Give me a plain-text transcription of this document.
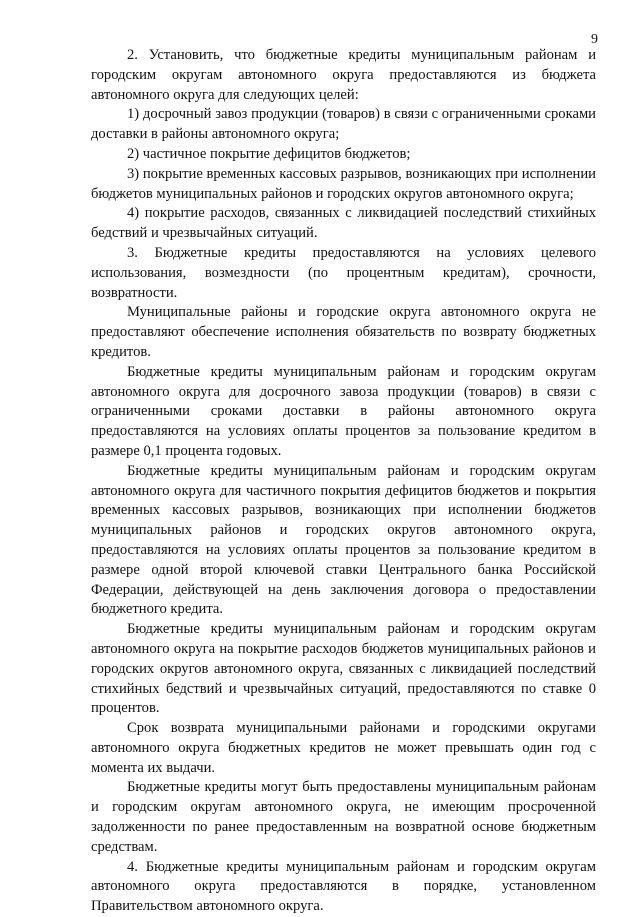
9

2. Установить, что бюджетные кредиты муниципальным районам и городским округам автономного округа предоставляются из бюджета автономного округа для следующих целей:

1) досрочный завоз продукции (товаров) в связи с ограниченными сроками доставки в районы автономного округа;

2) частичное покрытие дефицитов бюджетов;

3) покрытие временных кассовых разрывов, возникающих при исполнении бюджетов муниципальных районов и городских округов автономного округа;

4) покрытие расходов, связанных с ликвидацией последствий стихийных бедствий и чрезвычайных ситуаций.

3. Бюджетные кредиты предоставляются на условиях целевого использования, возмездности (по процентным кредитам), срочности, возвратности.

Муниципальные районы и городские округа автономного округа не предоставляют обеспечение исполнения обязательств по возврату бюджетных кредитов.

Бюджетные кредиты муниципальным районам и городским округам автономного округа для досрочного завоза продукции (товаров) в связи с ограниченными сроками доставки в районы автономного округа предоставляются на условиях оплаты процентов за пользование кредитом в размере 0,1 процента годовых.

Бюджетные кредиты муниципальным районам и городским округам автономного округа для частичного покрытия дефицитов бюджетов и покрытия временных кассовых разрывов, возникающих при исполнении бюджетов муниципальных районов и городских округов автономного округа, предоставляются на условиях оплаты процентов за пользование кредитом в размере одной второй ключевой ставки Центрального банка Российской Федерации, действующей на день заключения договора о предоставлении бюджетного кредита.

Бюджетные кредиты муниципальным районам и городским округам автономного округа на покрытие расходов бюджетов муниципальных районов и городских округов автономного округа, связанных с ликвидацией последствий стихийных бедствий и чрезвычайных ситуаций, предоставляются по ставке 0 процентов.

Срок возврата муниципальными районами и городскими округами автономного округа бюджетных кредитов не может превышать один год с момента их выдачи.

Бюджетные кредиты могут быть предоставлены муниципальным районам и городским округам автономного округа, не имеющим просроченной задолженности по ранее предоставленным на возвратной основе бюджетным средствам.

4. Бюджетные кредиты муниципальным районам и городским округам автономного округа предоставляются в порядке, установленном Правительством автономного округа.
